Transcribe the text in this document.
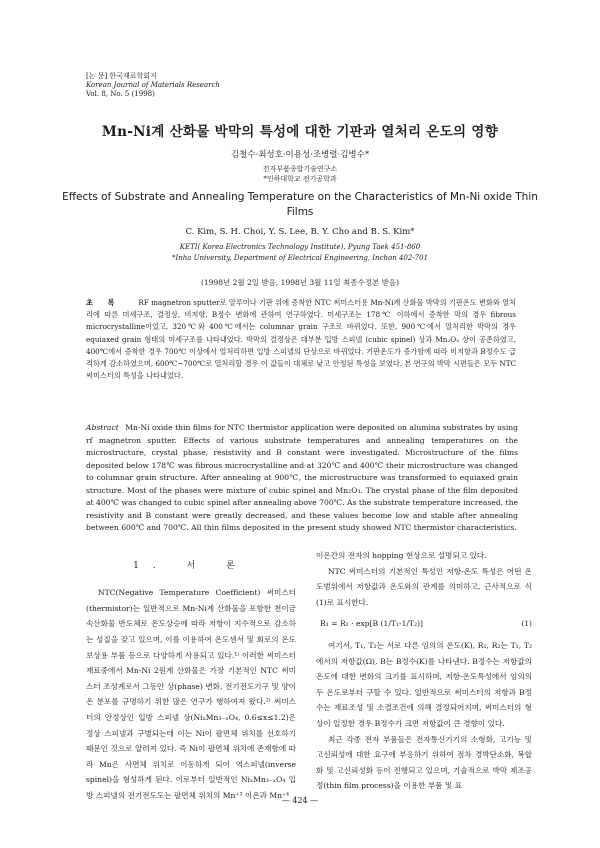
[논 문] 한국재료학회지
Korean Journal of Materials Research
Vol. 8, No. 5 (1998)
Mn-Ni계 산화물 박막의 특성에 대한 기판과 열처리 온도의 영향
김철수·최성호·이용성·조병렬·김병수*
전자부품종합기술연구소
*인하대학교 전기공학과
Effects of Substrate and Annealing Temperature on the Characteristics of Mn-Ni oxide Thin Films
C. Kim, S. H. Choi, Y. S. Lee, B. Y. Cho and B. S. Kim*
KETI( Korea Electronics Technology Institute), Pyung Taek 451-860
*Inha University, Department of Electrical Engineering, Inchon 402-701
(1998년 2월 2일 받음, 1998년 3월 11일 최종수정본 받음)
초 록	RF magnetron sputter로 알루미나 기판 위에 증착한 NTC 써미스터용 Mn-Ni계 산화물 박막의 기판온도 변화와 열처리에 따른 미세구조, 결정상, 비저항, B정수 변화에 관하여 연구하였다. 미세구조는 178℃ 이하에서 증착한 막의 경우 fibrous microcrystalline이었고, 320℃와 400℃에서는 columnar grain 구조로 바뀌었다. 또한, 900℃에서 열처리한 박막의 경우 equiaxed grain 형태의 미세구조를 나타내었다. 박막의 결정상은 대부분 입방 스피넬 (cubic spinel) 상과 Mn₂O₃ 상이 공존하였고, 400℃에서 증착한 경우 700℃ 이상에서 열처리하면 입방 스피넬의 단상으로 바뀌었다. 기판온도가 증가함에 따라 비저항과 B정수도 급격하게 감소하였으며, 600℃~700℃로 열처리할 경우 이 값들이 대체로 낮고 안정된 특성을 보였다. 본 연구의 박막 시편들은 모두 NTC 써미스터의 특성을 나타내었다.
Abstract Mn-Ni oxide thin films for NTC thermistor application were deposited on alumina substrates by using rf magnetron sputter. Effects of various substrate temperatures and annealing temperatures on the microstructure, crystal phase, resistivity and B constant were investigated. Microstructure of the films deposited below 178℃ was fibrous microcrystalline and at 320℃ and 400℃ their microstructure was changed to columnar grain structure. After annealing at 900℃, the microstructure was transformed to equiaxed grain structure. Most of the phases were mixture of cubic spinel and Mn₂O₃. The crystal phase of the film deposited at 400℃ was changed to cubic spinel after annealing above 700℃. As the substrate temperature increased, the resistivity and B constant were greatly decreased, and these values become low and stable after annealing between 600℃ and 700℃. All thin films deposited in the present study showed NTC thermistor characteristics.
1. 서 론

NTC(Negative Temperature Coefficient) 써미스터(thermistor)는 일반적으로 Mn-Ni계 산화물을 포함한 천이금속산화물 반도체로 온도상승에 따라 저항이 지수적으로 감소하는 성질을 갖고 있으며, 이를 이용하여 온도센서 및 회로의 온도보상용 부품 등으로 다양하게 사용되고 있다.¹⁾ 이러한 써미스터 재료중에서 Mn-Ni 2원계 산화물은 가장 기본적인 NTC 써미스터 조성계로서 그동안 상(phase) 변화, 전기전도기구 및 양이온 분포를 규명하기 위한 많은 연구가 행하여져 왔다.²⁾ 써미스터의 안정상인 입방 스피넬 상(NiₓMn₃₋ₓO₄, 0.6≤x≤1.2)은 정상 스피넬과 구별되는데 이는 Ni이 팔면체 위치를 선호하기 때문인 것으로 알려져 있다. 즉 Ni이 팔면체 위치에 존재함에 따라 Mn은 사면체 위치로 이동하게 되어 역스피넬(inverse spinel)을 형성하게 된다. 이로부터 일반적인 NiₓMn₃₋ₓO₄ 입방 스피넬의 전기전도도는 팔면체 위치의 Mn⁺³ 이온과 Mn⁺⁴

이온간의 전자의 hopping 현상으로 설명되고 있다.

NTC 써미스터의 기본적인 특성인 저항-온도 특성은 어떤 온도범위에서 저항값과 온도와의 관계를 의미하고, 근사적으로 식 (1)로 표시한다.

R₁ = R₂ · exp[B (1/T₁-1/T₂)]	(1)

여기서, T₁, T₂는 서로 다른 임의의 온도(K), R₁, R₂는 T₁, T₂에서의 저항값(Ω), B는 B정수(K)를 나타낸다. B정수는 저항값의 온도에 대한 변화의 크기를 표시하며, 저항-온도특성에서 임의의 두 온도로부터 구할 수 있다. 일반적으로 써미스터의 저항과 B정수는 재료조성 및 소결조건에 의해 결정되어지며, 써미스터의 형상이 일정한 경우 B정수가 크면 저항값이 큰 경향이 있다.

최근 각종 전자 부품들은 전자통신기기의 소형화, 고기능 및 고신뢰성에 대한 요구에 부응하기 위하여 점차 경박단소화, 복합화 및 고신뢰성화 등이 진행되고 있으며, 기술적으로 박막 제조공정(thin film process)을 이용한 부품 및 표

— 424 —
